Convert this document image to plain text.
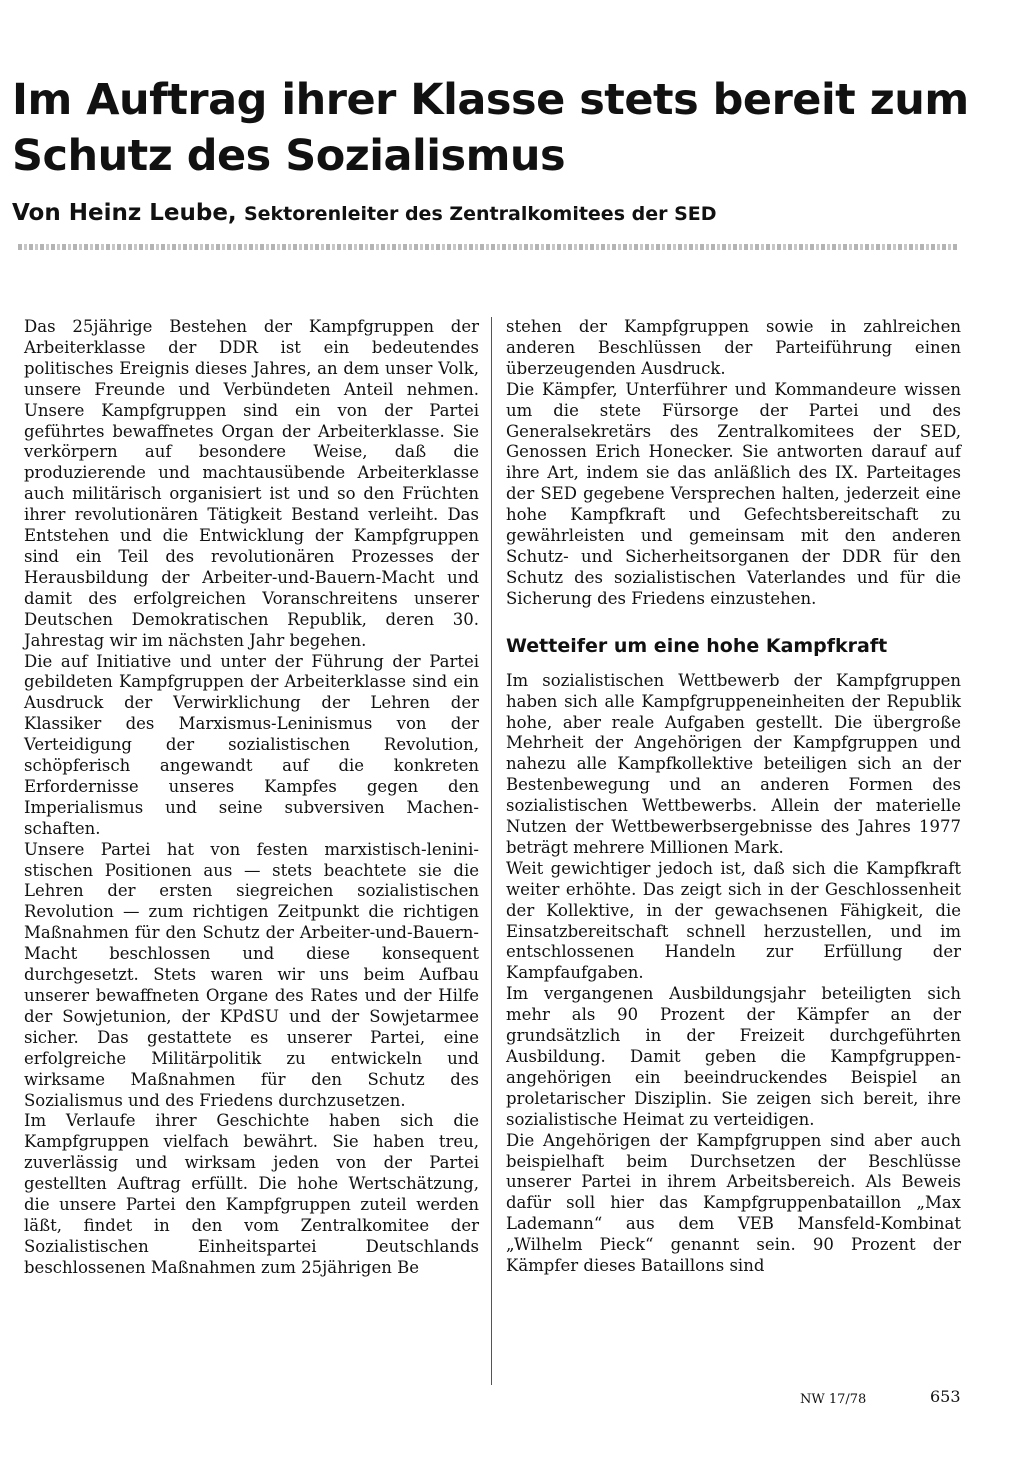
Im Auftrag ihrer Klasse stets bereit zum Schutz des Sozialismus
Von Heinz Leube, Sektorenleiter des Zentralkomitees der SED

Das 25jährige Bestehen der Kampfgruppen der Arbeiterklasse der DDR ist ein bedeutendes politisches Ereignis dieses Jahres, an dem unser Volk, unsere Freunde und Verbündeten Anteil nehmen. Unsere Kampfgruppen sind ein von der Partei geführtes bewaffnetes Organ der Arbeiterklasse. Sie verkörpern auf besondere Weise, daß die produzierende und machtausübende Arbeiterklasse auch militärisch organisiert ist und so den Früchten ihrer revolutionären Tätigkeit Bestand verleiht. Das Entstehen und die Entwicklung der Kampfgruppen sind ein Teil des revolutionären Prozesses der Herausbildung der Arbeiter-und-Bauern-Macht und damit des erfolgreichen Voranschreitens unserer Deutschen Demokratischen Republik, deren 30. Jahrestag wir im nächsten Jahr begehen.

Die auf Initiative und unter der Führung der Partei gebildeten Kampfgruppen der Arbeiterklasse sind ein Ausdruck der Verwirklichung der Lehren der Klassiker des Marxismus-Leninismus von der Verteidigung der sozialistischen Revolution, schöpferisch angewandt auf die konkreten Erfordernisse unseres Kampfes gegen den Imperialismus und seine subversiven Machenschaften.

Unsere Partei hat von festen marxistisch-leninistischen Positionen aus — stets beachtete sie die Lehren der ersten siegreichen sozialistischen Revolution — zum richtigen Zeitpunkt die richtigen Maßnahmen für den Schutz der Arbeiter-und-Bauern-Macht beschlossen und diese konsequent durchgesetzt. Stets waren wir uns beim Aufbau unserer bewaffneten Organe des Rates und der Hilfe der Sowjetunion, der KPdSU und der Sowjetarmee sicher. Das gestattete es unserer Partei, eine erfolgreiche Militärpolitik zu entwickeln und wirksame Maßnahmen für den Schutz des Sozialismus und des Friedens durchzusetzen.

Im Verlaufe ihrer Geschichte haben sich die Kampfgruppen vielfach bewährt. Sie haben treu, zuverlässig und wirksam jeden von der Partei gestellten Auftrag erfüllt. Die hohe Wertschätzung, die unsere Partei den Kampfgruppen zuteil werden läßt, findet in den vom Zentralkomitee der Sozialistischen Einheitspartei Deutschlands beschlossenen Maßnahmen zum 25jährigen Be

stehen der Kampfgruppen sowie in zahlreichen anderen Beschlüssen der Parteiführung einen überzeugenden Ausdruck.

Die Kämpfer, Unterführer und Kommandeure wissen um die stete Fürsorge der Partei und des Generalsekretärs des Zentralkomitees der SED, Genossen Erich Honecker. Sie antworten darauf auf ihre Art, indem sie das anläßlich des IX. Parteitages der SED gegebene Versprechen halten, jederzeit eine hohe Kampfkraft und Gefechtsbereitschaft zu gewährleisten und gemeinsam mit den anderen Schutz- und Sicherheitsorganen der DDR für den Schutz des sozialistischen Vaterlandes und für die Sicherung des Friedens einzustehen.

Wetteifer um eine hohe Kampfkraft

Im sozialistischen Wettbewerb der Kampfgruppen haben sich alle Kampfgruppeneinheiten der Republik hohe, aber reale Aufgaben gestellt. Die übergroße Mehrheit der Angehörigen der Kampfgruppen und nahezu alle Kampfkollektive beteiligen sich an der Bestenbewegung und an anderen Formen des sozialistischen Wettbewerbs. Allein der materielle Nutzen der Wettbewerbsergebnisse des Jahres 1977 beträgt mehrere Millionen Mark.

Weit gewichtiger jedoch ist, daß sich die Kampfkraft weiter erhöhte. Das zeigt sich in der Geschlossenheit der Kollektive, in der gewachsenen Fähigkeit, die Einsatzbereitschaft schnell herzustellen, und im entschlossenen Handeln zur Erfüllung der Kampfaufgaben.

Im vergangenen Ausbildungsjahr beteiligten sich mehr als 90 Prozent der Kämpfer an der grundsätzlich in der Freizeit durchgeführten Ausbildung. Damit geben die Kampfgruppenangehörigen ein beeindruckendes Beispiel an proletarischer Disziplin. Sie zeigen sich bereit, ihre sozialistische Heimat zu verteidigen.

Die Angehörigen der Kampfgruppen sind aber auch beispielhaft beim Durchsetzen der Beschlüsse unserer Partei in ihrem Arbeitsbereich. Als Beweis dafür soll hier das Kampfgruppenbataillon „Max Lademann“ aus dem VEB Mansfeld-Kombinat „Wilhelm Pieck“ genannt sein. 90 Prozent der Kämpfer dieses Bataillons sind

NW 17/78	653
